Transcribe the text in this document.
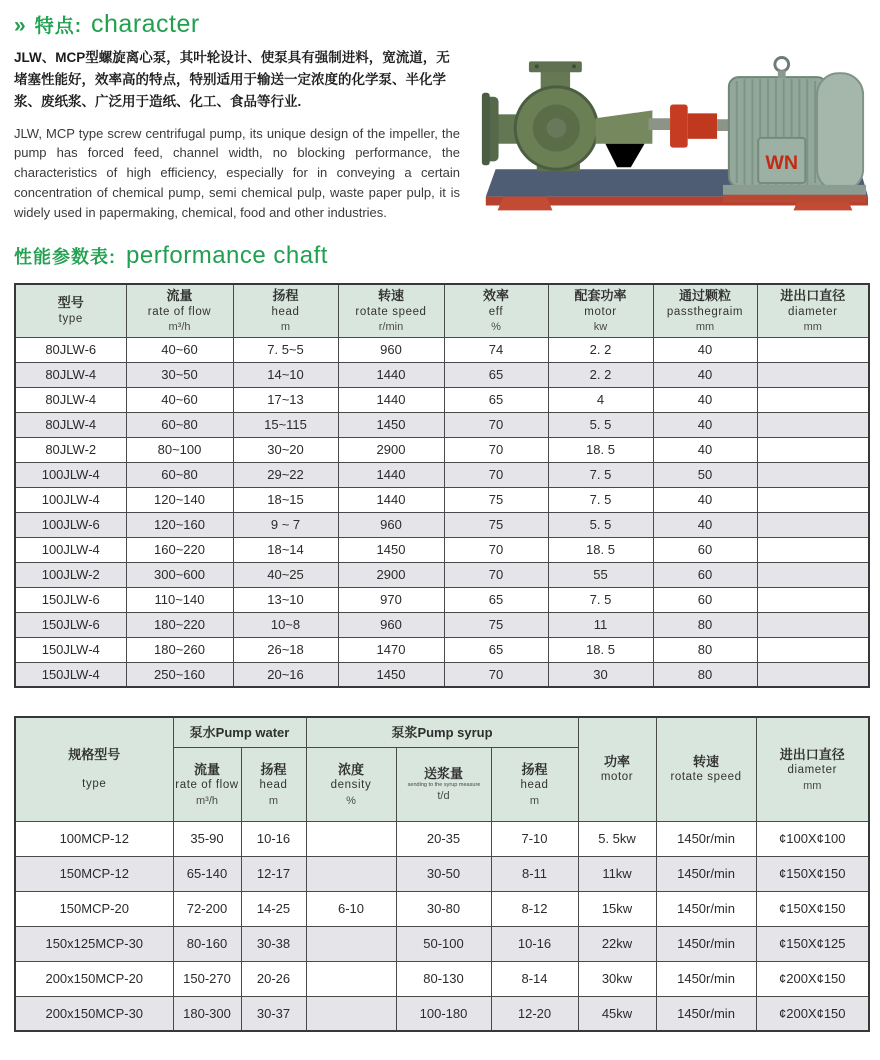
» 特点: character

JLW、MCP型螺旋离心泵，其叶轮设计、使泵具有强制进料，宽流道，无堵塞性能好，效率高的特点，特别适用于输送一定浓度的化学泵、半化学浆、废纸浆、广泛用于造纸、化工、食品等行业.

JLW, MCP type screw centrifugal pump, its unique design of the impeller, the pump has forced feed, channel width, no blocking performance, the characteristics of high efficiency, especially for in conveying a certain concentration of chemical pump, semi chemical pulp, waste paper pulp, it is widely used in papermaking, chemical, food and other industries.

WN
性能参数表: performance chaft
型号
type

流量
rate of flow
m³/h

扬程
head
m

转速
rotate speed
r/min

效率
eff
%

配套功率
motor
kw

通过颗粒
passthegraim
mm

进出口直径
diameter
mm

80JLW-6	40~60	7. 5~5	960	74	2. 2	40	
80JLW-4	30~50	14~10	1440	65	2. 2	40	
80JLW-4	40~60	17~13	1440	65	4	40	
80JLW-4	60~80	15~115	1450	70	5. 5	40	
80JLW-2	80~100	30~20	2900	70	18. 5	40	
100JLW-4	60~80	29~22	1440	70	7. 5	50	
100JLW-4	120~140	18~15	1440	75	7. 5	40	
100JLW-6	120~160	9 ~ 7	960	75	5. 5	40	
100JLW-4	160~220	18~14	1450	70	18. 5	60	
100JLW-2	300~600	40~25	2900	70	55	60	
150JLW-6	110~140	13~10	970	65	7. 5	60	
150JLW-6	180~220	10~8	960	75	11	80	
150JLW-4	180~260	26~18	1470	65	18. 5	80	
150JLW-4	250~160	20~16	1450	70	30	80	
规格型号
type

泵水Pump water	泵浆Pump syrup

功率
motor

转速
rotate speed

进出口直径
diameter
mm

流量
rate of flow
m³/h

扬程
head
m

浓度
density
%

送浆量
sending to the syrup measure
t/d

扬程
head
m

100MCP-12	35-90	10-16		20-35	7-10	5. 5kw	1450r/min	¢100X¢100
150MCP-12	65-140	12-17		30-50	8-11	11kw	1450r/min	¢150X¢150
150MCP-20	72-200	14-25	6-10	30-80	8-12	15kw	1450r/min	¢150X¢150
150x125MCP-30	80-160	30-38		50-100	10-16	22kw	1450r/min	¢150X¢125
200x150MCP-20	150-270	20-26		80-130	8-14	30kw	1450r/min	¢200X¢150
200x150MCP-30	180-300	30-37		100-180	12-20	45kw	1450r/min	¢200X¢150
